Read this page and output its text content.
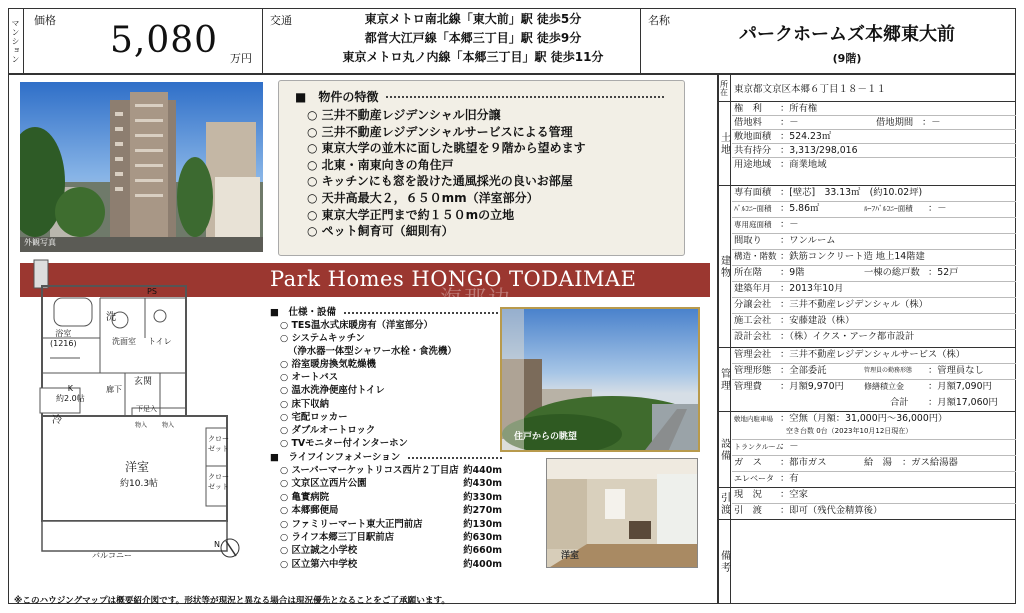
マンション 価格 5,080 万円
交通	東京メトロ南北線「東大前」駅 徒歩5分
都営大江戸線「本郷三丁目」駅 徒歩9分
東京メトロ丸ノ内線「本郷三丁目」駅 徒歩11分
名称
パークホームズ本郷東大前
(9階)
外観写真
■　物件の特徴
○ 三井不動産レジデンシャル旧分譲
○ 三井不動産レジデンシャルサービスによる管理
○ 東京大学の並木に面した眺望を９階から望めます
○ 北東・南東向きの角住戸
○ キッチンにも窓を設けた通風採光の良いお部屋
○ 天井高最大２，６５０mm（洋室部分）
○ 東京大学正門まで約１５０mの立地
○ ペット飼育可（細則有）
Park Homes HONGO TODAIMAE
PS
洗
浴室
(1216)	洗面室 トイレ
K
約2.0帖
冷
廊下
玄関
下足入
物入 物入
クロー
ゼット
クロー
ゼット
洋室
約10.3帖
バルコニー
N
■　仕様・設備
○ TES温水式床暖房有（洋室部分）
○ システムキッチン
（浄水器一体型シャワー水栓・食洗機）
○ 浴室暖房換気乾燥機
○ オートバス
○ 温水洗浄便座付トイレ
○ 床下収納
○ 宅配ロッカー
○ ダブルオートロック
○ TVモニター付インターホン
■　ライフインフォメーション
○ スーパーマーケットリコス西片２丁目店 約440m
○ 文京区立西片公園	約430m
○ 亀實病院	約330m
○ 本郷郵便局	約270m
○ ファミリーマート東大正門前店	約130m
○ ライフ本郷三丁目駅前店	約630m
○ 区立誠之小学校	約660m
○ 区立第六中学校	約400m
住戸からの眺望
洋室
海那边
※このハウジングマップは概要紹介図です。形状等が現況と異なる場合は現況優先となることをご了承願います。
所在 東京都文京区本郷６丁目１８－１１
土地
権　利 ：所有権
借地料 ：－	借地期間 ：－
敷地面積 ：524.23㎡
共有持分 ：3,313/298,016
用途地域 ：商業地域
建物
専有面積 ：[壁芯]　33.13㎡　(約10.02坪)
ﾊﾞﾙｺﾆｰ面積 ：5.86㎡	ﾙｰﾌﾊﾞﾙｺﾆｰ面積 ：－
専用庭面積 ：－
間取り ：ワンルーム
構造・階数 ：鉄筋コンクリート造 地上14階建
所在階 ：9階	一棟の総戸数 ：52戸
建築年月 ：2013年10月
分譲会社 ：三井不動産レジデンシャル（株）
施工会社 ：安藤建設（株）
設計会社 ：（株）イクス・アーク都市設計
管理
管理会社 ：三井不動産レジデンシャルサービス（株）
管理形態 ：全部委託	管理員の勤務形態 ：管理員なし
管理費 ：月額9,970円	修繕積立金	：月額7,090円
合計 ：月額17,060円
設備
敷地内駐車場 ：空無（月額：31,000円～36,000円）
空き台数 0台（2023年10月12日現在）
トランクルーム
：－
ガ　ス ：都市ガス	給　湯 ：ガス給湯器
エレベータ ：有
引渡 現　況 ：空家
引　渡 ：即可（残代金精算後）
備考
